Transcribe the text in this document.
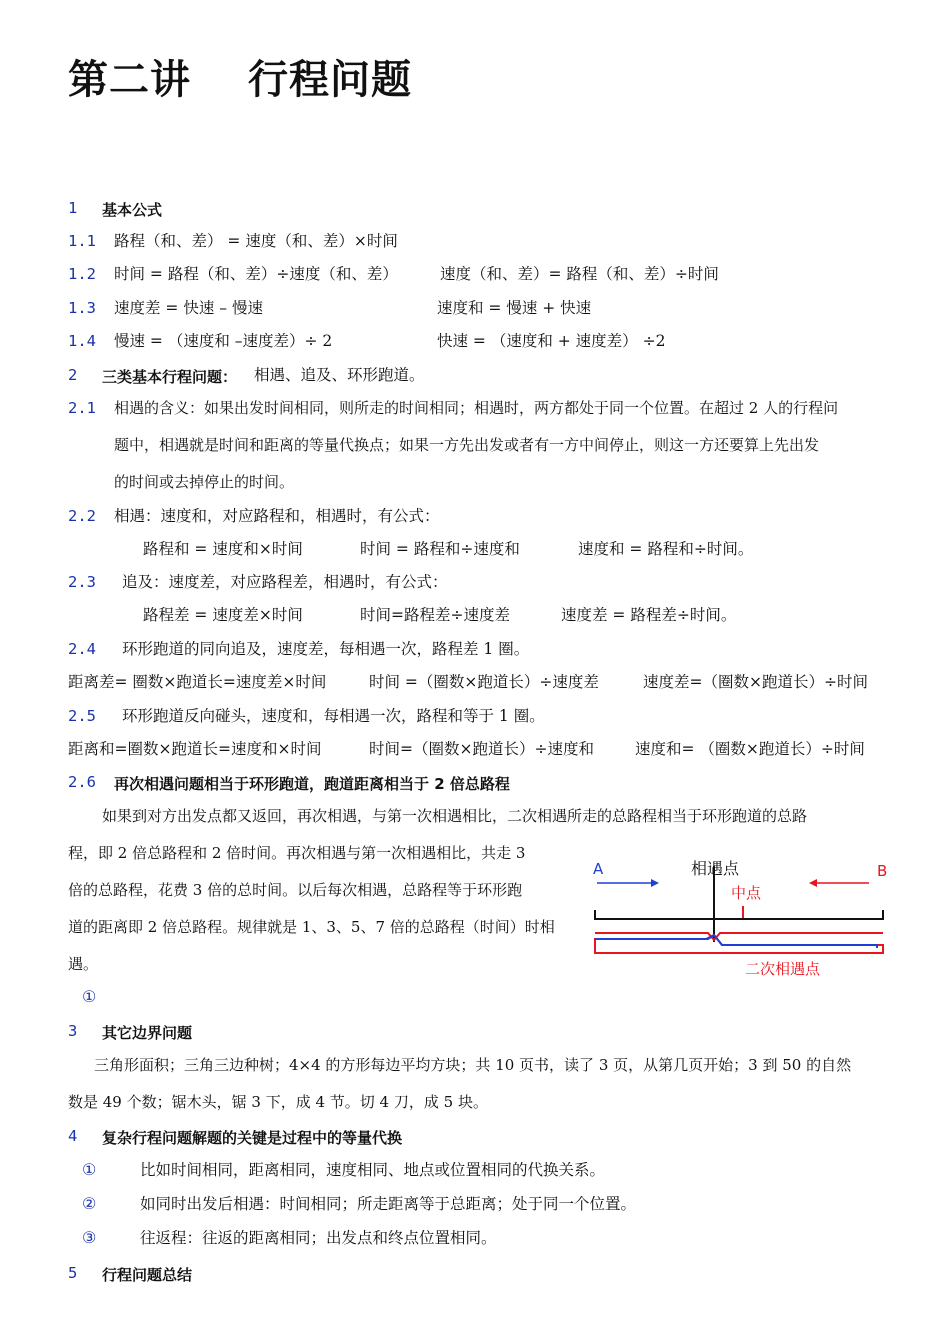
第二讲 行程问题
1 基本公式
1.1 路程（和、差） = 速度（和、差）×时间
1.2 时间 = 路程（和、差）÷速度（和、差）	速度（和、差）= 路程（和、差）÷时间
1.3 速度差 = 快速 – 慢速	速度和 = 慢速 + 快速
1.4 慢速 = （速度和 –速度差）÷ 2	快速 = （速度和 + 速度差） ÷2
2 三类基本行程问题： 相遇、追及、环形跑道。
2.1 相遇的含义：如果出发时间相同，则所走的时间相同；相遇时，两方都处于同一个位置。在超过 2 人的行程问
题中，相遇就是时间和距离的等量代换点；如果一方先出发或者有一方中间停止，则这一方还要算上先出发
的时间或去掉停止的时间。
2.2 相遇：速度和，对应路程和，相遇时，有公式：
路程和 = 速度和×时间	时间 = 路程和÷速度和	速度和 = 路程和÷时间。
2.3 追及：速度差，对应路程差，相遇时，有公式：
路程差 = 速度差×时间	时间=路程差÷速度差	速度差 = 路程差÷时间。
2.4 环形跑道的同向追及，速度差，每相遇一次，路程差 1 圈。
距离差= 圈数×跑道长=速度差×时间	时间 =（圈数×跑道长）÷速度差	速度差=（圈数×跑道长）÷时间
2.5 环形跑道反向碰头，速度和，每相遇一次，路程和等于 1 圈。
距离和=圈数×跑道长=速度和×时间	时间=（圈数×跑道长）÷速度和	速度和= （圈数×跑道长）÷时间
2.6 再次相遇问题相当于环形跑道，跑道距离相当于 2 倍总路程
如果到对方出发点都又返回，再次相遇，与第一次相遇相比，二次相遇所走的总路程相当于环形跑道的总路
程，即 2 倍总路程和 2 倍时间。再次相遇与第一次相遇相比，共走 3
倍的总路程，花费 3 倍的总时间。以后每次相遇，总路程等于环形跑
道的距离即 2 倍总路程。规律就是 1、3、5、7 倍的总路程（时间）时相
遇。
①
A	相遇点	B
中点
二次相遇点
3 其它边界问题
三角形面积；三角三边种树；4×4 的方形每边平均方块；共 10 页书，读了 3 页，从第几页开始；3 到 50 的自然
数是 49 个数；锯木头，锯 3 下，成 4 节。切 4 刀，成 5 块。
4 复杂行程问题解题的关键是过程中的等量代换
①	比如时间相同，距离相同，速度相同、地点或位置相同的代换关系。
②	如同时出发后相遇：时间相同；所走距离等于总距离；处于同一个位置。
③	往返程：往返的距离相同；出发点和终点位置相同。
5 行程问题总结
